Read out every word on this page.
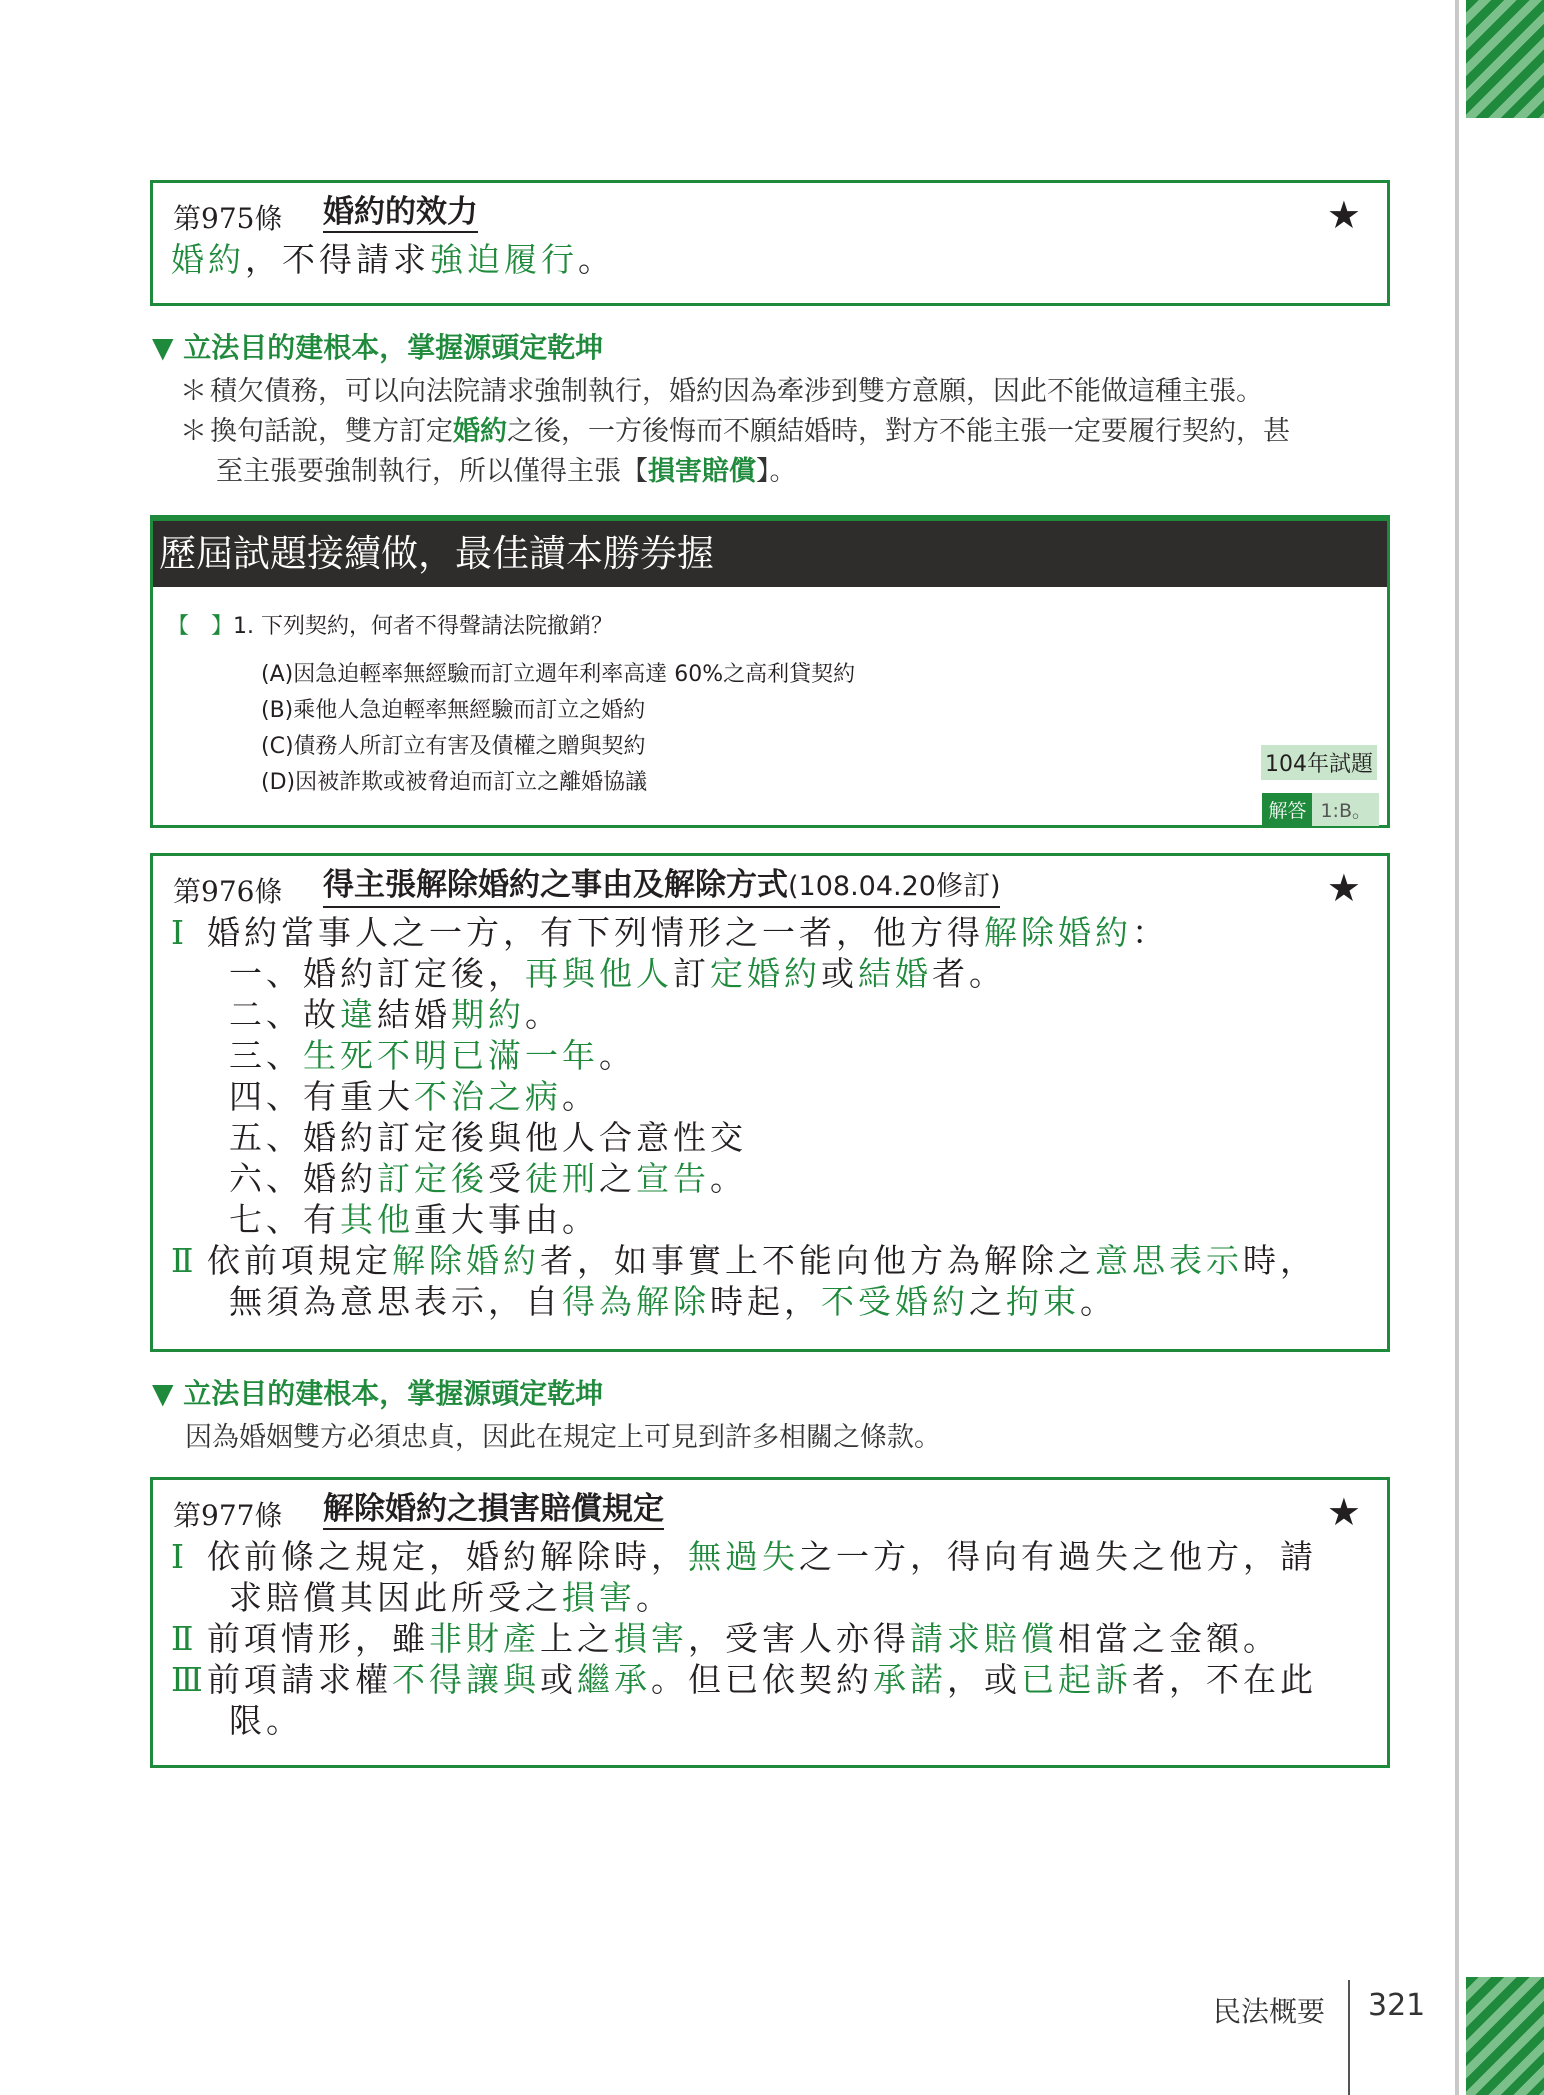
第975條 婚約的效力	★
婚約，不得請求強迫履行。
▼ 立法目的建根本，掌握源頭定乾坤
＊ 積欠債務，可以向法院請求強制執行，婚約因為牽涉到雙方意願，因此不能做這種主張。
＊ 換句話說，雙方訂定婚約之後，一方後悔而不願結婚時，對方不能主張一定要履行契約，甚
至主張要強制執行，所以僅得主張【損害賠償】。
歷屆試題接續做，最佳讀本勝券握
【　】1. 下列契約，何者不得聲請法院撤銷？
(A)因急迫輕率無經驗而訂立週年利率高達 60%之高利貸契約
(B)乘他人急迫輕率無經驗而訂立之婚約
(C)債務人所訂立有害及債權之贈與契約
(D)因被詐欺或被脅迫而訂立之離婚協議
104年試題
解答 1:B。
第976條 得主張解除婚約之事由及解除方式(108.04.20修訂)	★
Ⅰ 婚約當事人之一方，有下列情形之一者，他方得解除婚約：
一、婚約訂定後，再與他人訂定婚約或結婚者。
二、故違結婚期約。
三、生死不明已滿一年。
四、有重大不治之病。
五、婚約訂定後與他人合意性交
六、婚約訂定後受徒刑之宣告。
七、有其他重大事由。
Ⅱ 依前項規定解除婚約者，如事實上不能向他方為解除之意思表示時，
無須為意思表示，自得為解除時起，不受婚約之拘束。
▼ 立法目的建根本，掌握源頭定乾坤
因為婚姻雙方必須忠貞，因此在規定上可見到許多相關之條款。
第977條 解除婚約之損害賠償規定	★
Ⅰ 依前條之規定，婚約解除時，無過失之一方，得向有過失之他方，請
求賠償其因此所受之損害。
Ⅱ 前項情形，雖非財產上之損害，受害人亦得請求賠償相當之金額。
Ⅲ前項請求權不得讓與或繼承。但已依契約承諾，或已起訴者，不在此
限。
民法概要 321
